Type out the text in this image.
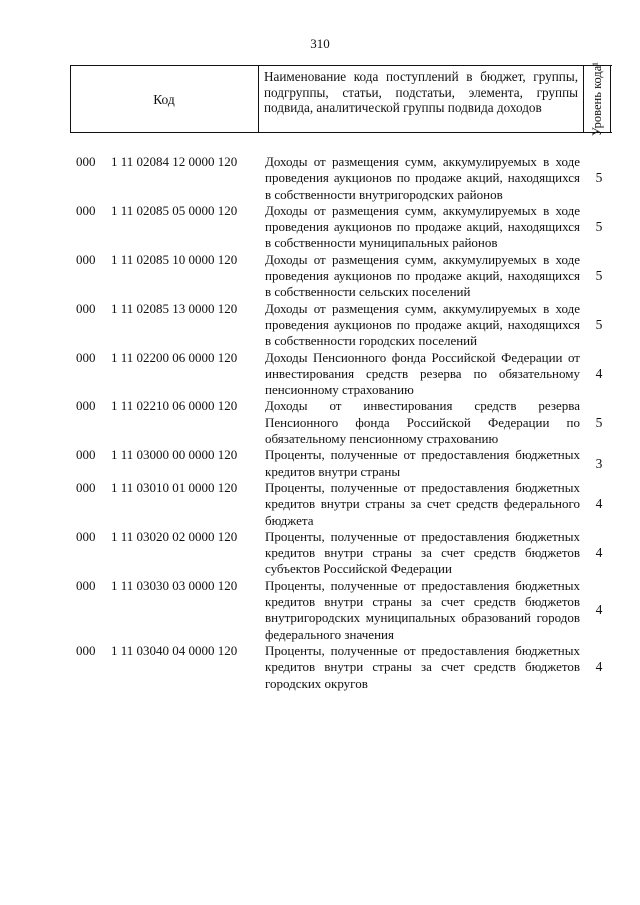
310
Код
Наименование кода поступлений в бюджет, группы, подгруппы, статьи, подстатьи, элемента, группы подвида, аналитической группы подвида доходов	Уровень кода¹
000 1 11 02084 12 0000 120 Доходы от размещения сумм, аккумулируемых в ходе проведения аукционов по продаже акций, находящихся в собственности внутригородских районов
5
000 1 11 02085 05 0000 120 Доходы от размещения сумм, аккумулируемых в ходе проведения аукционов по продаже акций, находящихся в собственности муниципальных районов
5
000 1 11 02085 10 0000 120 Доходы от размещения сумм, аккумулируемых в ходе проведения аукционов по продаже акций, находящихся в собственности сельских поселений
5
000 1 11 02085 13 0000 120 Доходы от размещения сумм, аккумулируемых в ходе проведения аукционов по продаже акций, находящихся в собственности городских поселений
5
000 1 11 02200 06 0000 120 Доходы Пенсионного фонда Российской Федерации от инвестирования средств резерва по обязательному пенсионному страхованию
4
000 1 11 02210 06 0000 120 Доходы от инвестирования средств резерва Пенсионного фонда Российской Федерации по обязательному пенсионному страхованию
5
000 1 11 03000 00 0000 120 Проценты, полученные от предоставления бюджетных кредитов внутри страны
3
000 1 11 03010 01 0000 120 Проценты, полученные от предоставления бюджетных кредитов внутри страны за счет средств федерального бюджета
4
000 1 11 03020 02 0000 120 Проценты, полученные от предоставления бюджетных кредитов внутри страны за счет средств бюджетов субъектов Российской Федерации
4
000 1 11 03030 03 0000 120 Проценты, полученные от предоставления бюджетных кредитов внутри страны за счет средств бюджетов внутригородских муниципальных образований городов федерального значения
4
000 1 11 03040 04 0000 120 Проценты, полученные от предоставления бюджетных кредитов внутри страны за счет средств бюджетов городских округов
4
